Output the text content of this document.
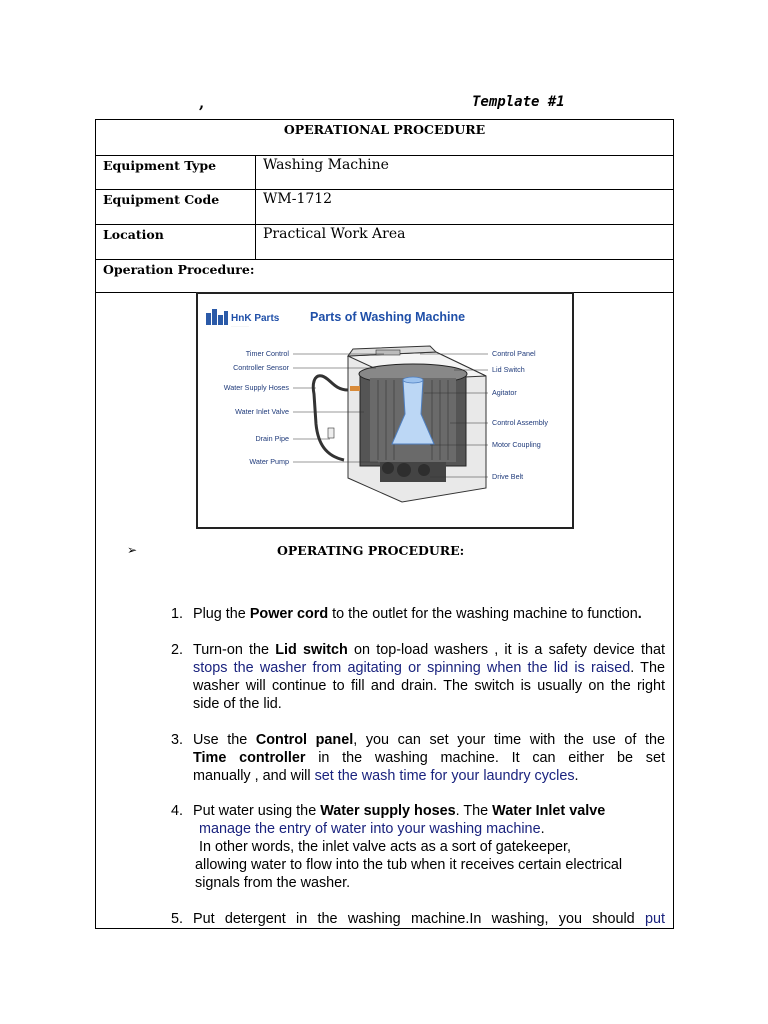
,	Template #1
OPERATIONAL PROCEDURE
Equipment Type	Washing Machine
Equipment Code	WM-1712
Location	Practical Work Area
Operation Procedure:
HnK Parts
··················
Parts of Washing Machine
Timer Control
Controller Sensor
Water Supply Hoses
Water Inlet Valve
Drain Pipe
Water Pump
Control Panel
Lid Switch
Agitator
Control Assembly
Motor Coupling
Drive Belt
➢	OPERATING PROCEDURE:
1. Plug the Power cord to the outlet for the washing machine to function.
2. Turn-on the Lid switch on top-load washers , it is a safety device that
stops the washer from agitating or spinning when the lid is raised. The
washer will continue to fill and drain. The switch is usually on the right
side of the lid.
3. Use the Control panel, you can set your time with the use of the
Time controller in the washing machine. It can either be set
manually , and will set the wash time for your laundry cycles.
4. Put water using the Water supply hoses. The Water Inlet valve
manage the entry of water into your washing machine.
In other words, the inlet valve acts as a sort of gatekeeper,
allowing water to flow into the tub when it receives certain electrical
signals from the washer.
5. Put detergent in the washing machine.In washing, you should put
